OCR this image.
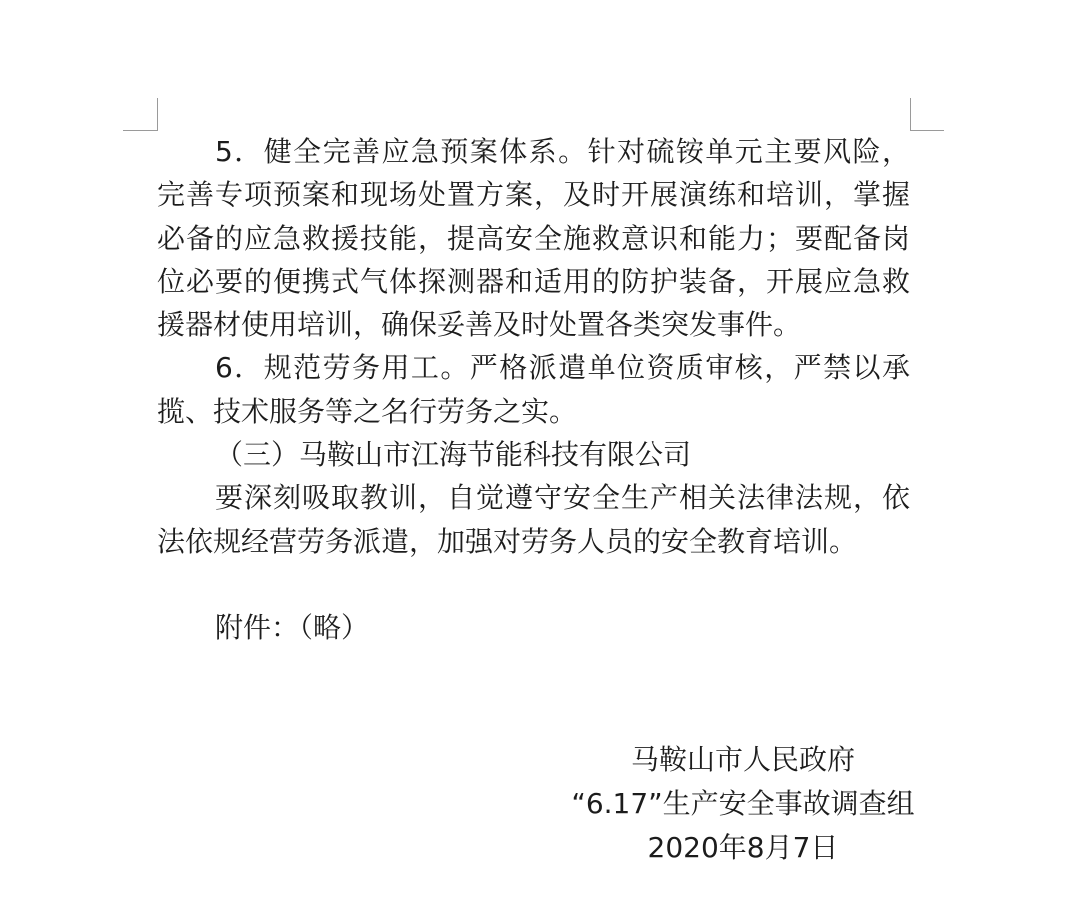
5．健全完善应急预案体系。针对硫铵单元主要风险，
完善专项预案和现场处置方案，及时开展演练和培训，掌握
必备的应急救援技能，提高安全施救意识和能力；要配备岗
位必要的便携式气体探测器和适用的防护装备，开展应急救
援器材使用培训，确保妥善及时处置各类突发事件。
6．规范劳务用工。严格派遣单位资质审核，严禁以承
揽、技术服务等之名行劳务之实。
（三）马鞍山市江海节能科技有限公司
要深刻吸取教训，自觉遵守安全生产相关法律法规，依
法依规经营劳务派遣，加强对劳务人员的安全教育培训。
附件：（略）
马鞍山市人民政府
“6.17”生产安全事故调查组
2020年8月7日
